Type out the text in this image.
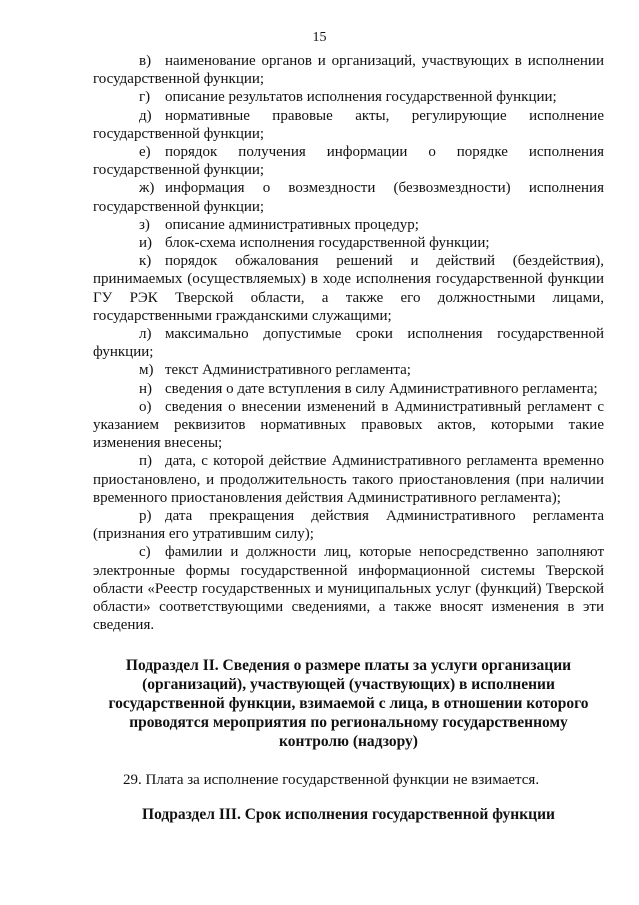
15

в) наименование органов и организаций, участвующих в исполнении государственной функции;

г) описание результатов исполнения государственной функции;

д) нормативные правовые акты, регулирующие исполнение государственной функции;

е) порядок получения информации о порядке исполнения государственной функции;

ж) информация о возмездности (безвозмездности) исполнения государственной функции;

з) описание административных процедур;

и) блок-схема исполнения государственной функции;

к) порядок обжалования решений и действий (бездействия), принимаемых (осуществляемых) в ходе исполнения государственной функции ГУ РЭК Тверской области, а также его должностными лицами, государственными гражданскими служащими;

л) максимально допустимые сроки исполнения государственной функции;

м) текст Административного регламента;

н) сведения о дате вступления в силу Административного регламента;

о) сведения о внесении изменений в Административный регламент с указанием реквизитов нормативных правовых актов, которыми такие изменения внесены;

п) дата, с которой действие Административного регламента временно приостановлено, и продолжительность такого приостановления (при наличии временного приостановления действия Административного регламента);

р) дата прекращения действия Административного регламента (признания его утратившим силу);

с) фамилии и должности лиц, которые непосредственно заполняют электронные формы государственной информационной системы Тверской области «Реестр государственных и муниципальных услуг (функций) Тверской области» соответствующими сведениями, а также вносят изменения в эти сведения.

Подраздел II. Сведения о размере платы за услуги организации (организаций), участвующей (участвующих) в исполнении государственной функции, взимаемой с лица, в отношении которого проводятся мероприятия по региональному государственному контролю (надзору)

29. Плата за исполнение государственной функции не взимается.

Подраздел III. Срок исполнения государственной функции
